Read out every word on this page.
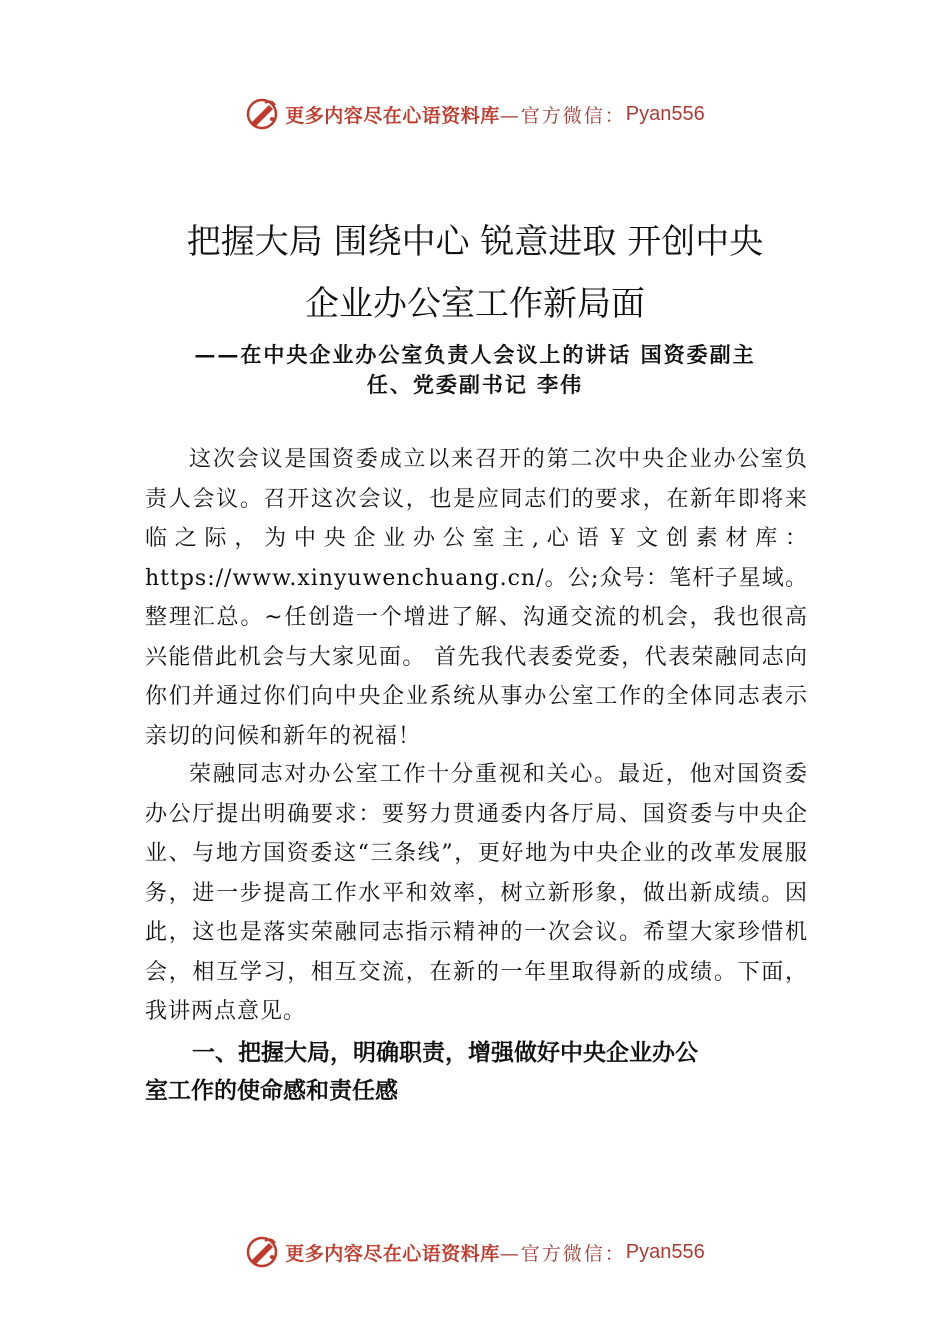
更多内容尽在心语资料库 —官方微信： Pyan556
把握大局 围绕中心 锐意进取 开创中央
企业办公室工作新局面
——在中央企业办公室负责人会议上的讲话 国资委副主
任、党委副书记 李伟

这次会议是国资委成立以来召开的第二次中央企业办公室负责人会议。召开这次会议，也是应同志们的要求，在新年即将来临之际，为中央企业办公室主,心语￥文创素材库：https://www.xinyuwenchuang.cn/。公;众号：笔杆子星域。整理汇总。~任创造一个增进了解、沟通交流的机会，我也很高兴能借此机会与大家见面。 首先我代表委党委，代表荣融同志向你们并通过你们向中央企业系统从事办公室工作的全体同志表示亲切的问候和新年的祝福！

荣融同志对办公室工作十分重视和关心。最近，他对国资委办公厅提出明确要求：要努力贯通委内各厅局、国资委与中央企业、与地方国资委这“三条线”，更好地为中央企业的改革发展服务，进一步提高工作水平和效率，树立新形象，做出新成绩。因此，这也是落实荣融同志指示精神的一次会议。希望大家珍惜机会，相互学习，相互交流，在新的一年里取得新的成绩。下面，我讲两点意见。

一、把握大局，明确职责，增强做好中央企业办公
室工作的使命感和责任感
更多内容尽在心语资料库 —官方微信： Pyan556
